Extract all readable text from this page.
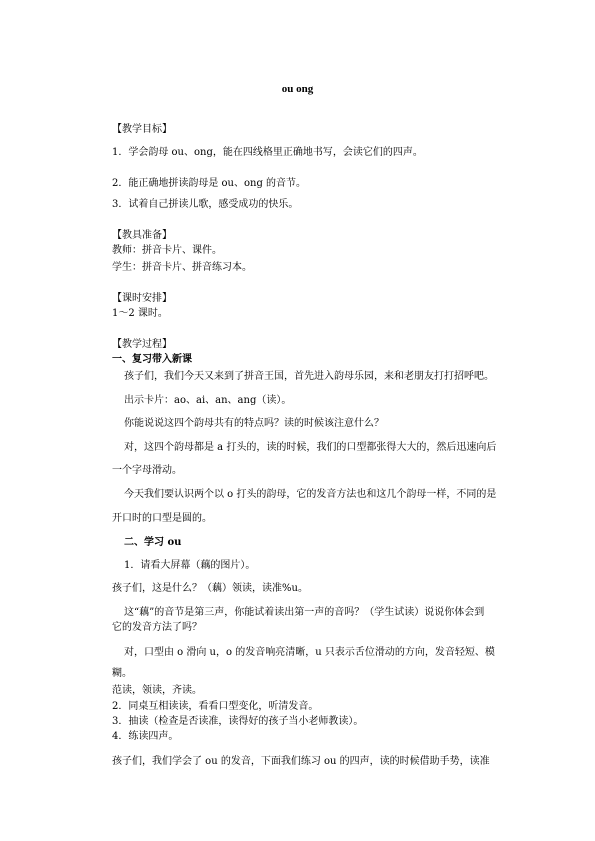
ou ong
【教学目标】
1．学会韵母 ou、ong，能在四线格里正确地书写，会读它们的四声。
2．能正确地拼读韵母是 ou、ong 的音节。
3．试着自己拼读儿歌，感受成功的快乐。
【教具准备】
教师：拼音卡片、课件。
学生：拼音卡片、拼音练习本。
【课时安排】
1～2 课时。
【教学过程】
一、复习带入新课
孩子们，我们今天又来到了拼音王国，首先进入韵母乐园，来和老朋友打打招呼吧。
出示卡片：ao、ai、an、ang（读）。
你能说说这四个韵母共有的特点吗？读的时候该注意什么？
对，这四个韵母都是 a 打头的，读的时候，我们的口型都张得大大的，然后迅速向后
一个字母滑动。
今天我们要认识两个以 o 打头的韵母，它的发音方法也和这几个韵母一样，不同的是
开口时的口型是圆的。
二、学习 ou
1．请看大屏幕（藕的图片）。
孩子们，这是什么？（藕）领读，读准%u。
这“藕”的音节是第三声，你能试着读出第一声的音吗？（学生试读）说说你体会到
它的发音方法了吗？
对，口型由 o 滑向 u，o 的发音响亮清晰，u 只表示舌位滑动的方向，发音轻短、模
糊。
范读，领读，齐读。
2．同桌互相读读，看看口型变化，听清发音。
3．抽读（检查是否读准，读得好的孩子当小老师教读）。
4．练读四声。
孩子们，我们学会了 ou 的发音，下面我们练习 ou 的四声，读的时候借助手势，读准
